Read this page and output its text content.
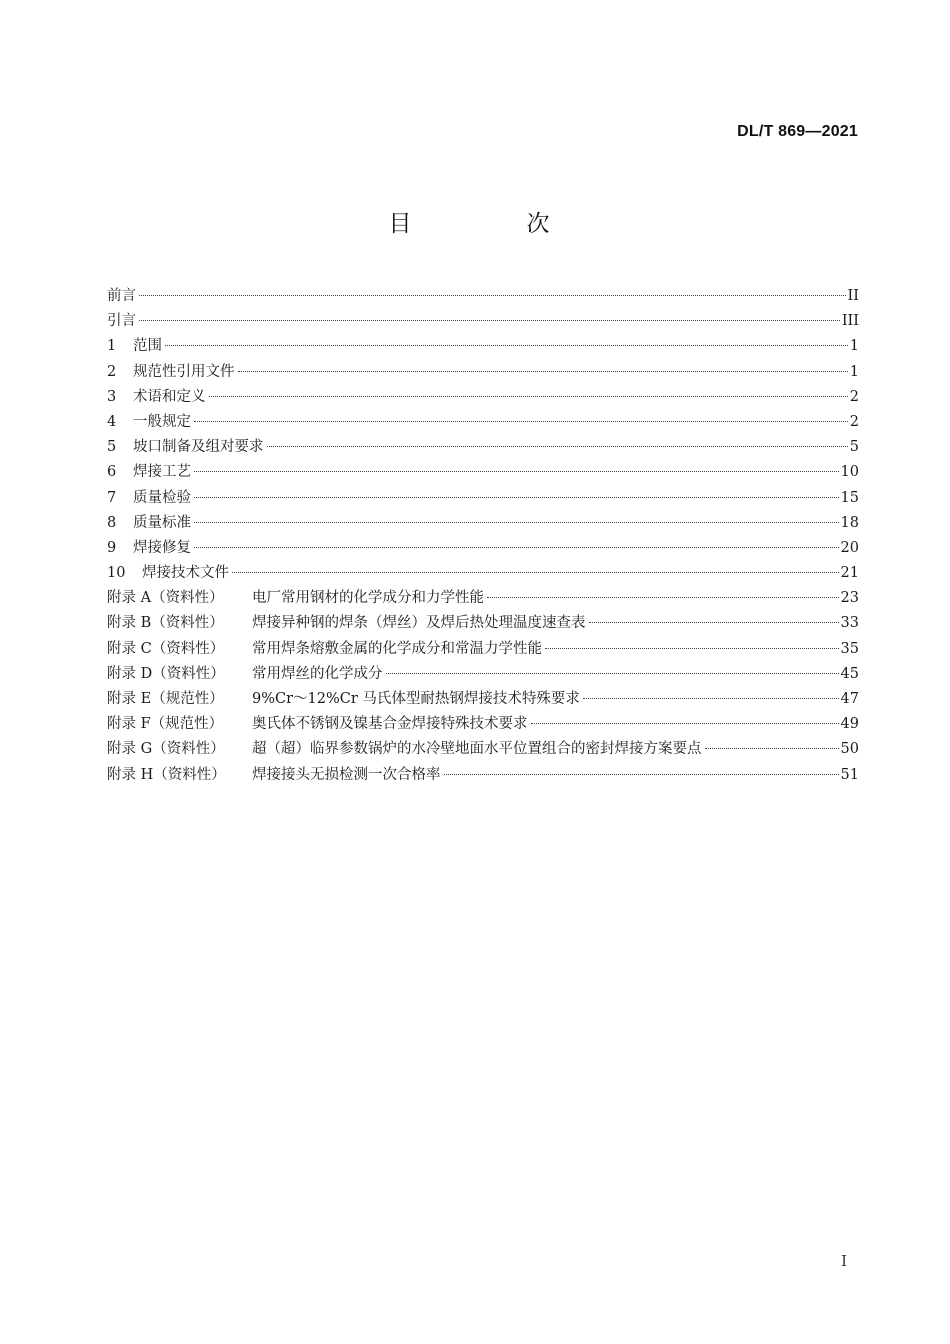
DL/T 869—2021
目　次
前言	II
引言	III
1	范围	1
2	规范性引用文件	1
3	术语和定义	2
4	一般规定	2
5	坡口制备及组对要求	5
6	焊接工艺	10
7	质量检验	15
8	质量标准	18
9	焊接修复	20
10	焊接技术文件	21
附录 A（资料性） 电厂常用钢材的化学成分和力学性能	23
附录 B（资料性） 焊接异种钢的焊条（焊丝）及焊后热处理温度速查表	33
附录 C（资料性） 常用焊条熔敷金属的化学成分和常温力学性能	35
附录 D（资料性） 常用焊丝的化学成分	45
附录 E（规范性） 9%Cr～12%Cr 马氏体型耐热钢焊接技术特殊要求	47
附录 F（规范性） 奥氏体不锈钢及镍基合金焊接特殊技术要求	49
附录 G（资料性） 超（超）临界参数锅炉的水冷壁地面水平位置组合的密封焊接方案要点	50
附录 H（资料性） 焊接接头无损检测一次合格率	51
I
